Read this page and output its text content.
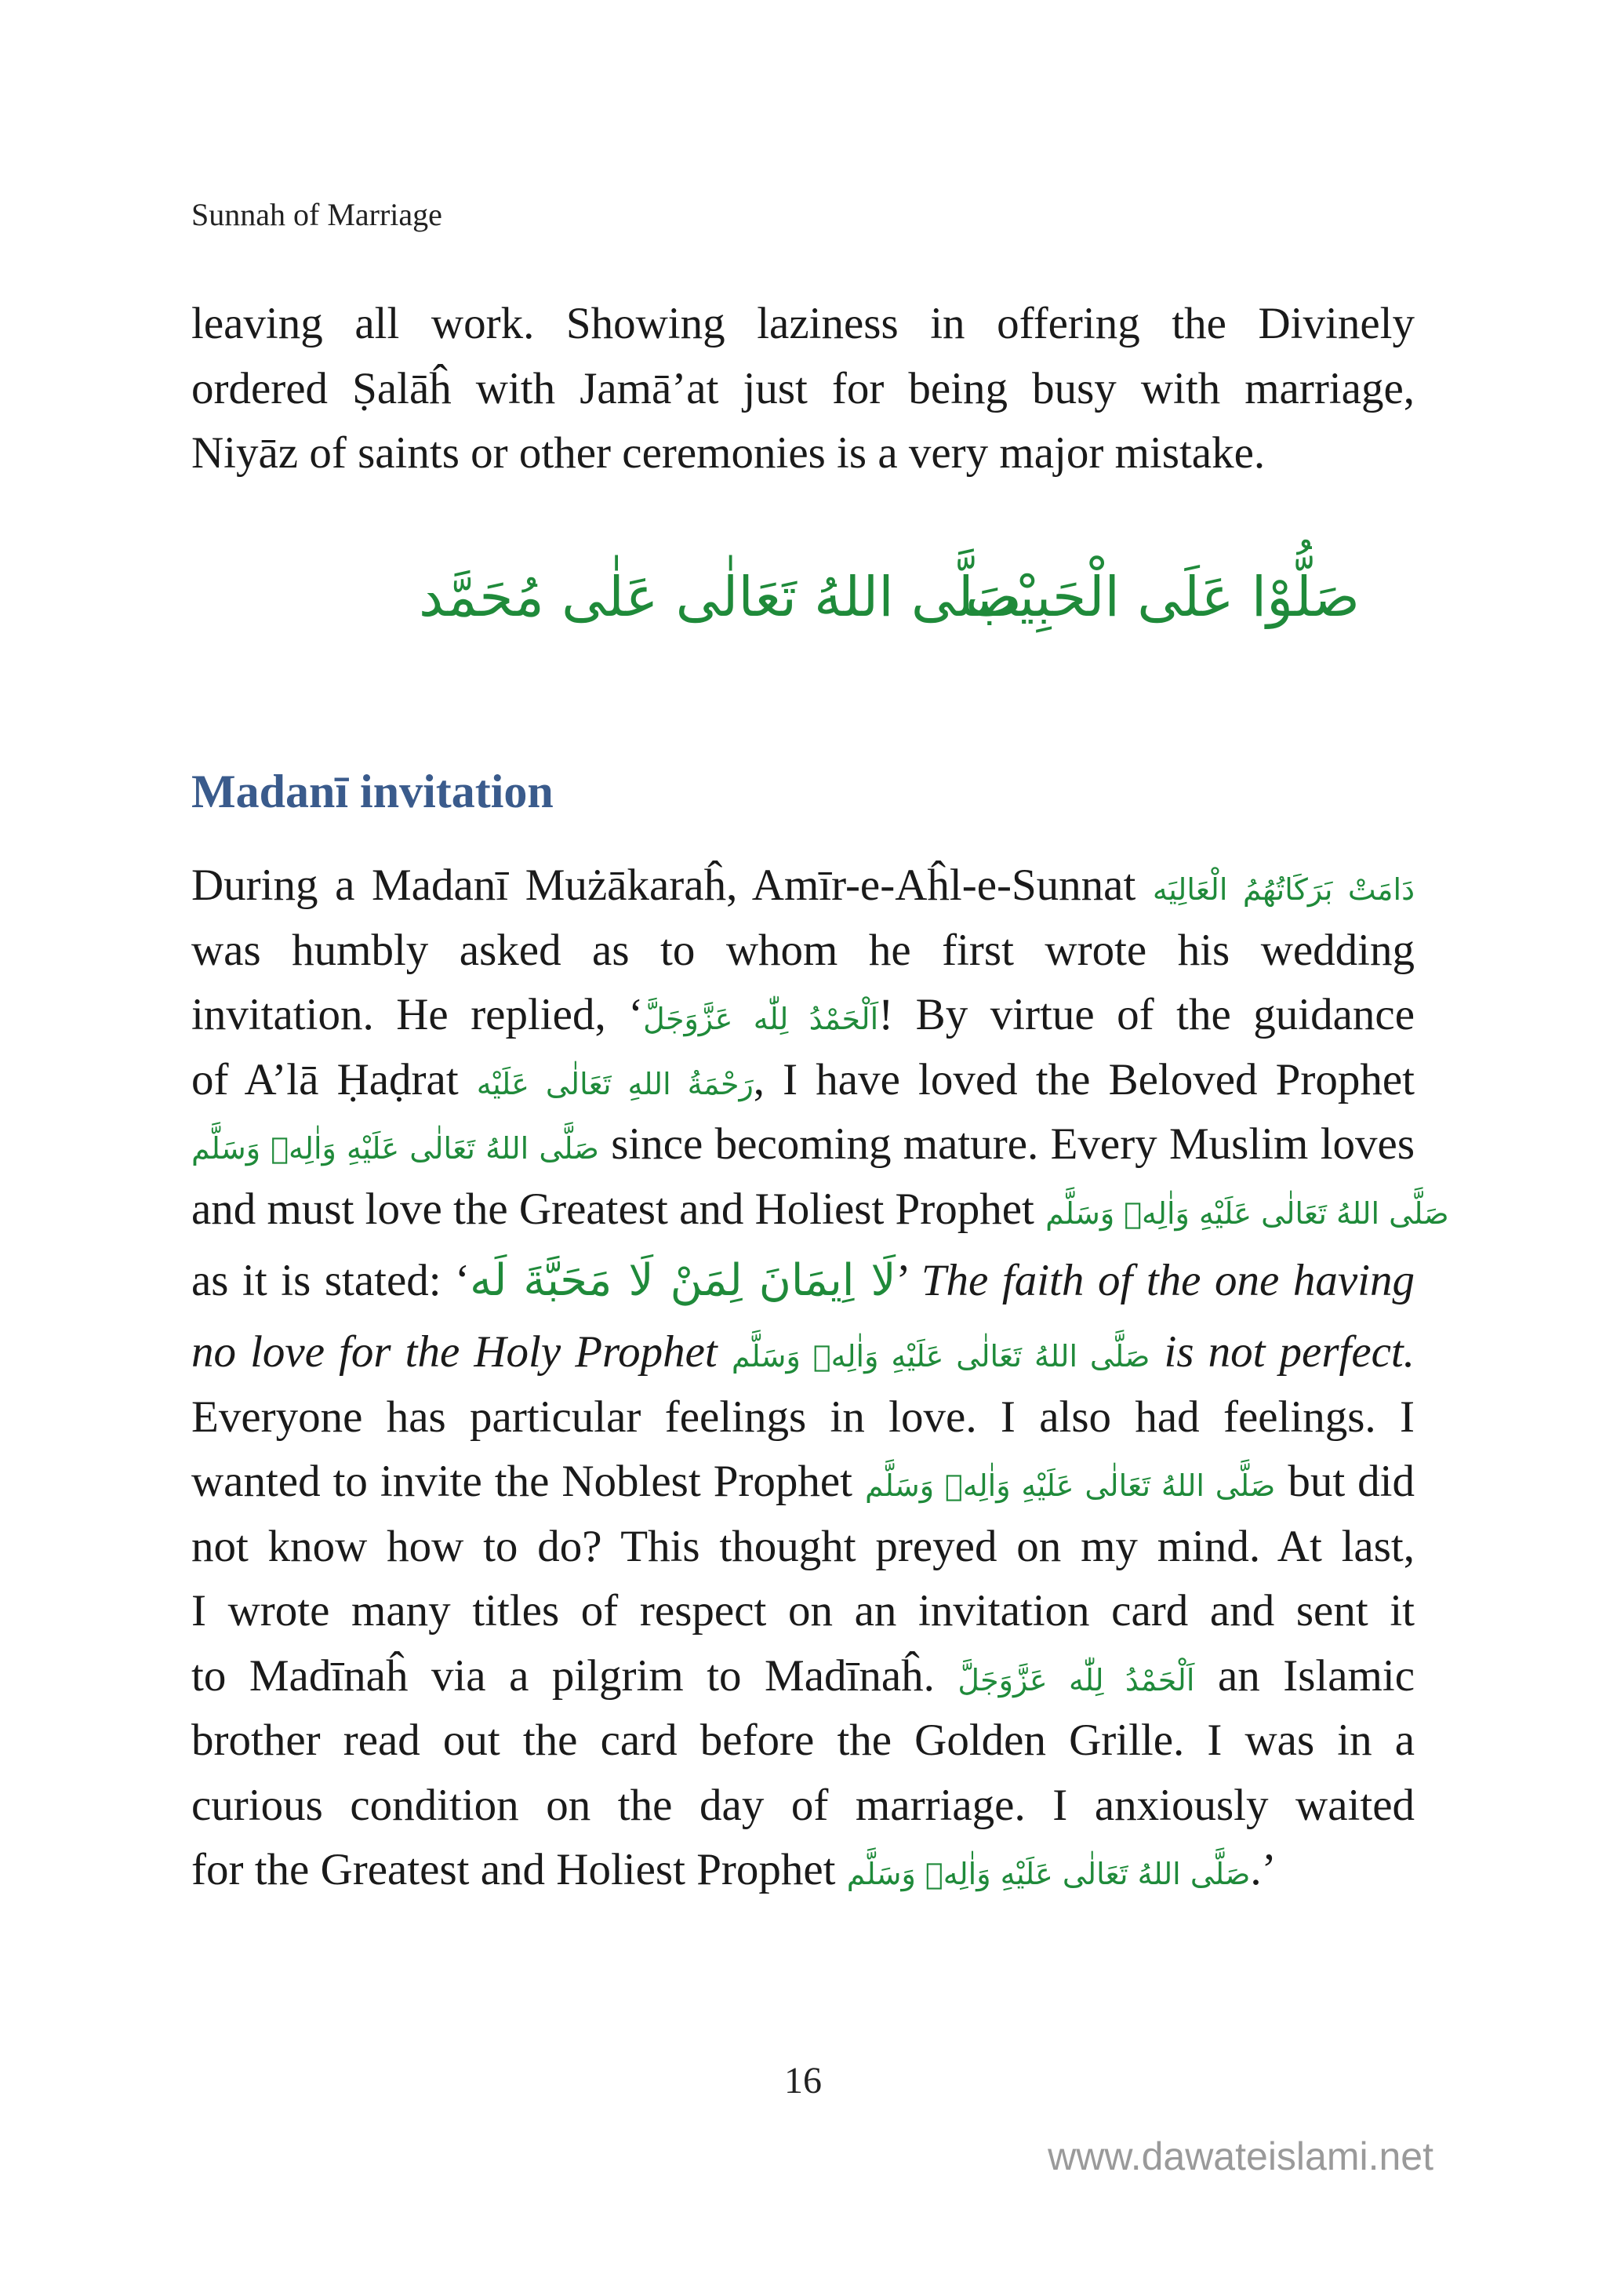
Sunnah of Marriage
leaving all work. Showing laziness in offering the Divinely
ordered Ṣalāĥ with Jamā’at just for being busy with marriage,
Niyāz of saints or other ceremonies is a very major mistake.
صَلُّوْا عَلَى الْحَبِيْب
صَلَّى اللهُ تَعَالٰى عَلٰى مُحَمَّد
Madanī invitation
During a Madanī Mużākaraĥ, Amīr-e-Aĥl-e-Sunnat دَامَتْ بَرَكَاتُهُمُ الْعَالِيَه
was humbly asked as to whom he first wrote his wedding
invitation. He replied, ‘اَلْحَمْدُ لِلّٰه عَزَّوَجَلَّ! By virtue of the guidance
of A’lā Ḥaḍrat رَحْمَةُ اللهِ تَعَالٰى عَلَيْه, I have loved the Beloved Prophet
صَلَّى اللهُ تَعَالٰى عَلَيْهِ وَاٰلِهٖ وَسَلَّم since becoming mature. Every Muslim loves
and must love the Greatest and Holiest Prophet صَلَّى اللهُ تَعَالٰى عَلَيْهِ وَاٰلِهٖ وَسَلَّم
as it is stated: ‘لَا اِيمَانَ لِمَنْ لَا مَحَبَّةَ لَه’ The faith of the one having
no love for the Holy Prophet صَلَّى اللهُ تَعَالٰى عَلَيْهِ وَاٰلِهٖ وَسَلَّم is not perfect.
Everyone has particular feelings in love. I also had feelings. I
wanted to invite the Noblest Prophet صَلَّى اللهُ تَعَالٰى عَلَيْهِ وَاٰلِهٖ وَسَلَّم but did
not know how to do? This thought preyed on my mind. At last,
I wrote many titles of respect on an invitation card and sent it
to Madīnaĥ via a pilgrim to Madīnaĥ. اَلْحَمْدُ لِلّٰه عَزَّوَجَلَّ an Islamic
brother read out the card before the Golden Grille. I was in a
curious condition on the day of marriage. I anxiously waited
for the Greatest and Holiest Prophet صَلَّى اللهُ تَعَالٰى عَلَيْهِ وَاٰلِهٖ وَسَلَّم.’
16
www.dawateislami.net
